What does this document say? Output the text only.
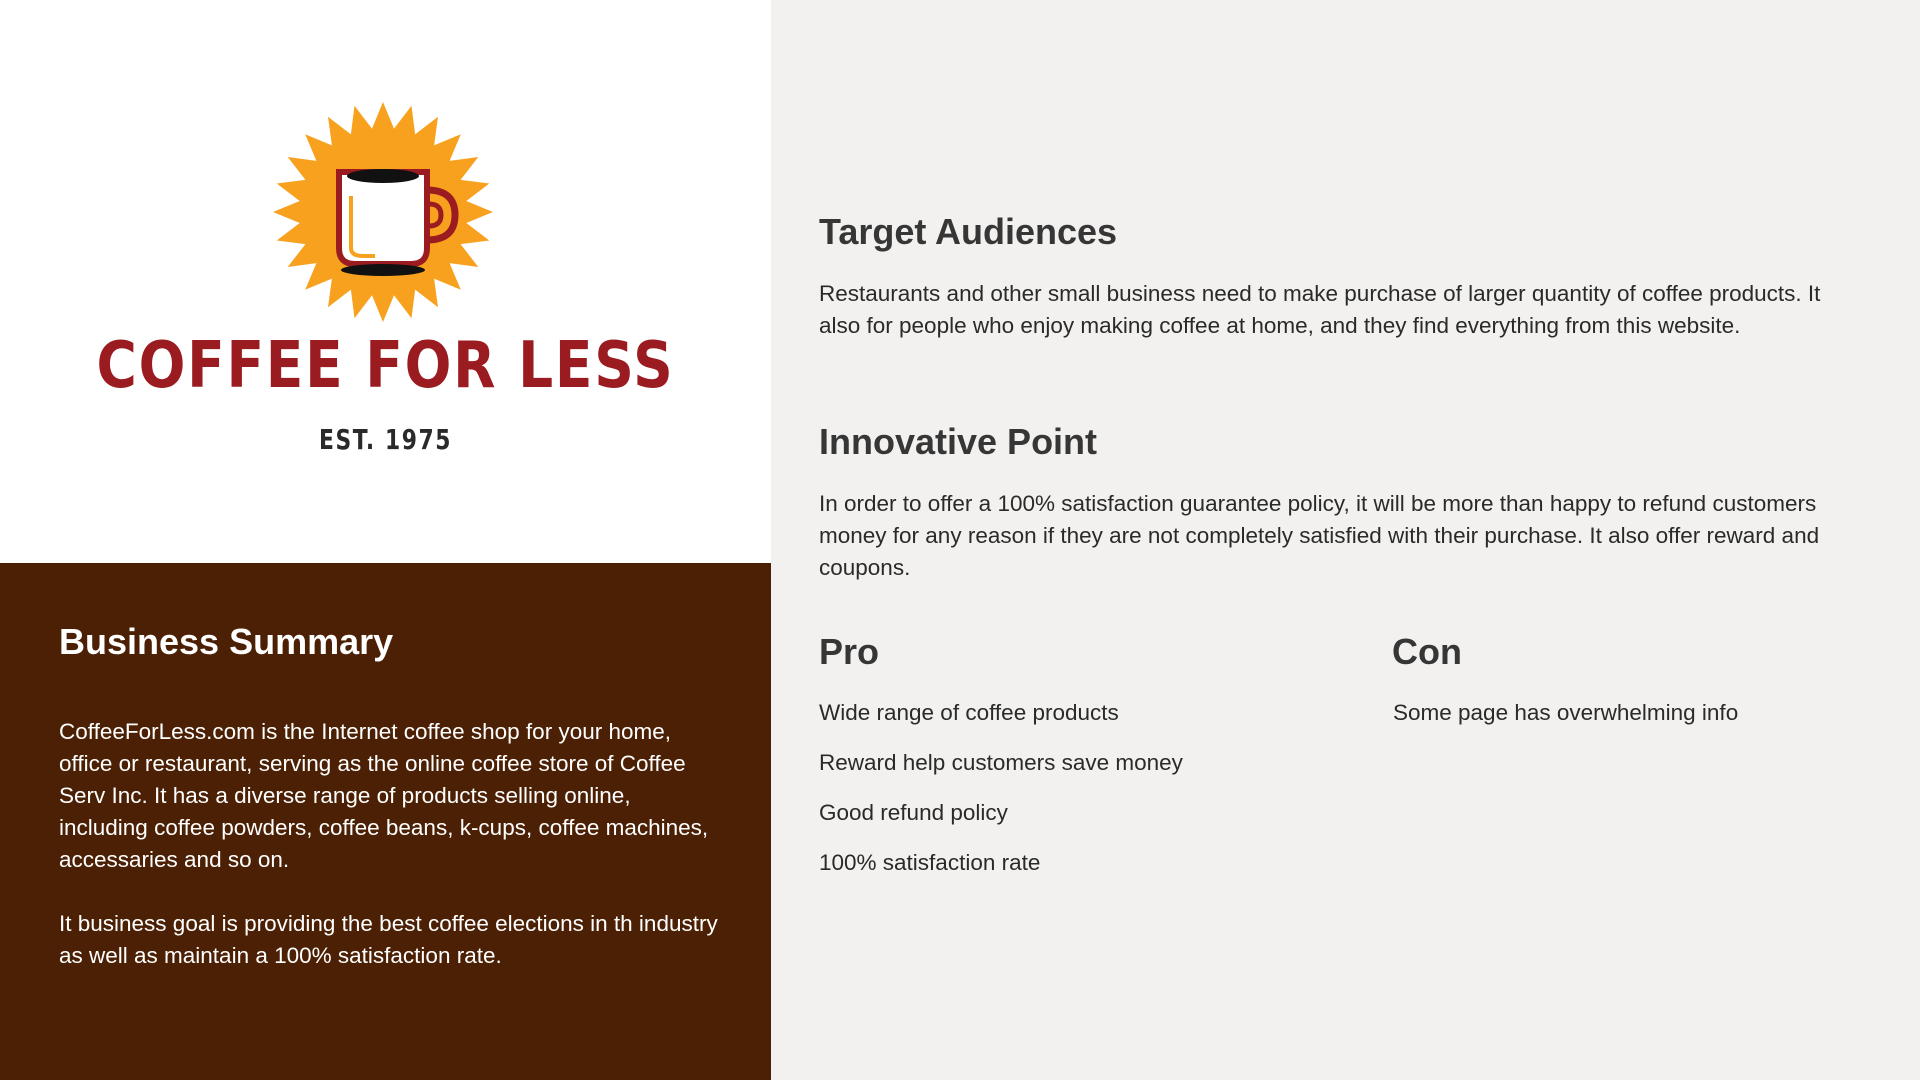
COFFEE FOR LESS
EST. 1975
Business Summary

CoffeeForLess.com is the Internet coffee shop for your home, office or restaurant, serving as the online coffee store of Coffee Serv Inc. It has a diverse range of products selling online, including coffee powders, coffee beans, k-cups, coffee machines, accessaries and so on.

It business goal is providing the best coffee elections in th industry as well as maintain a 100% satisfaction rate.

Target Audiences

Restaurants and other small business need to make purchase of larger quantity of coffee products. It also for people who enjoy making coffee at home, and they find everything from this website.

Innovative Point

In order to offer a 100% satisfaction guarantee policy, it will be more than happy to refund customers money for any reason if they are not completely satisfied with their purchase. It also offer reward and coupons.

Pro
Wide range of coffee products
Reward help customers save money
Good refund policy
100% satisfaction rate
Con
Some page has overwhelming info
